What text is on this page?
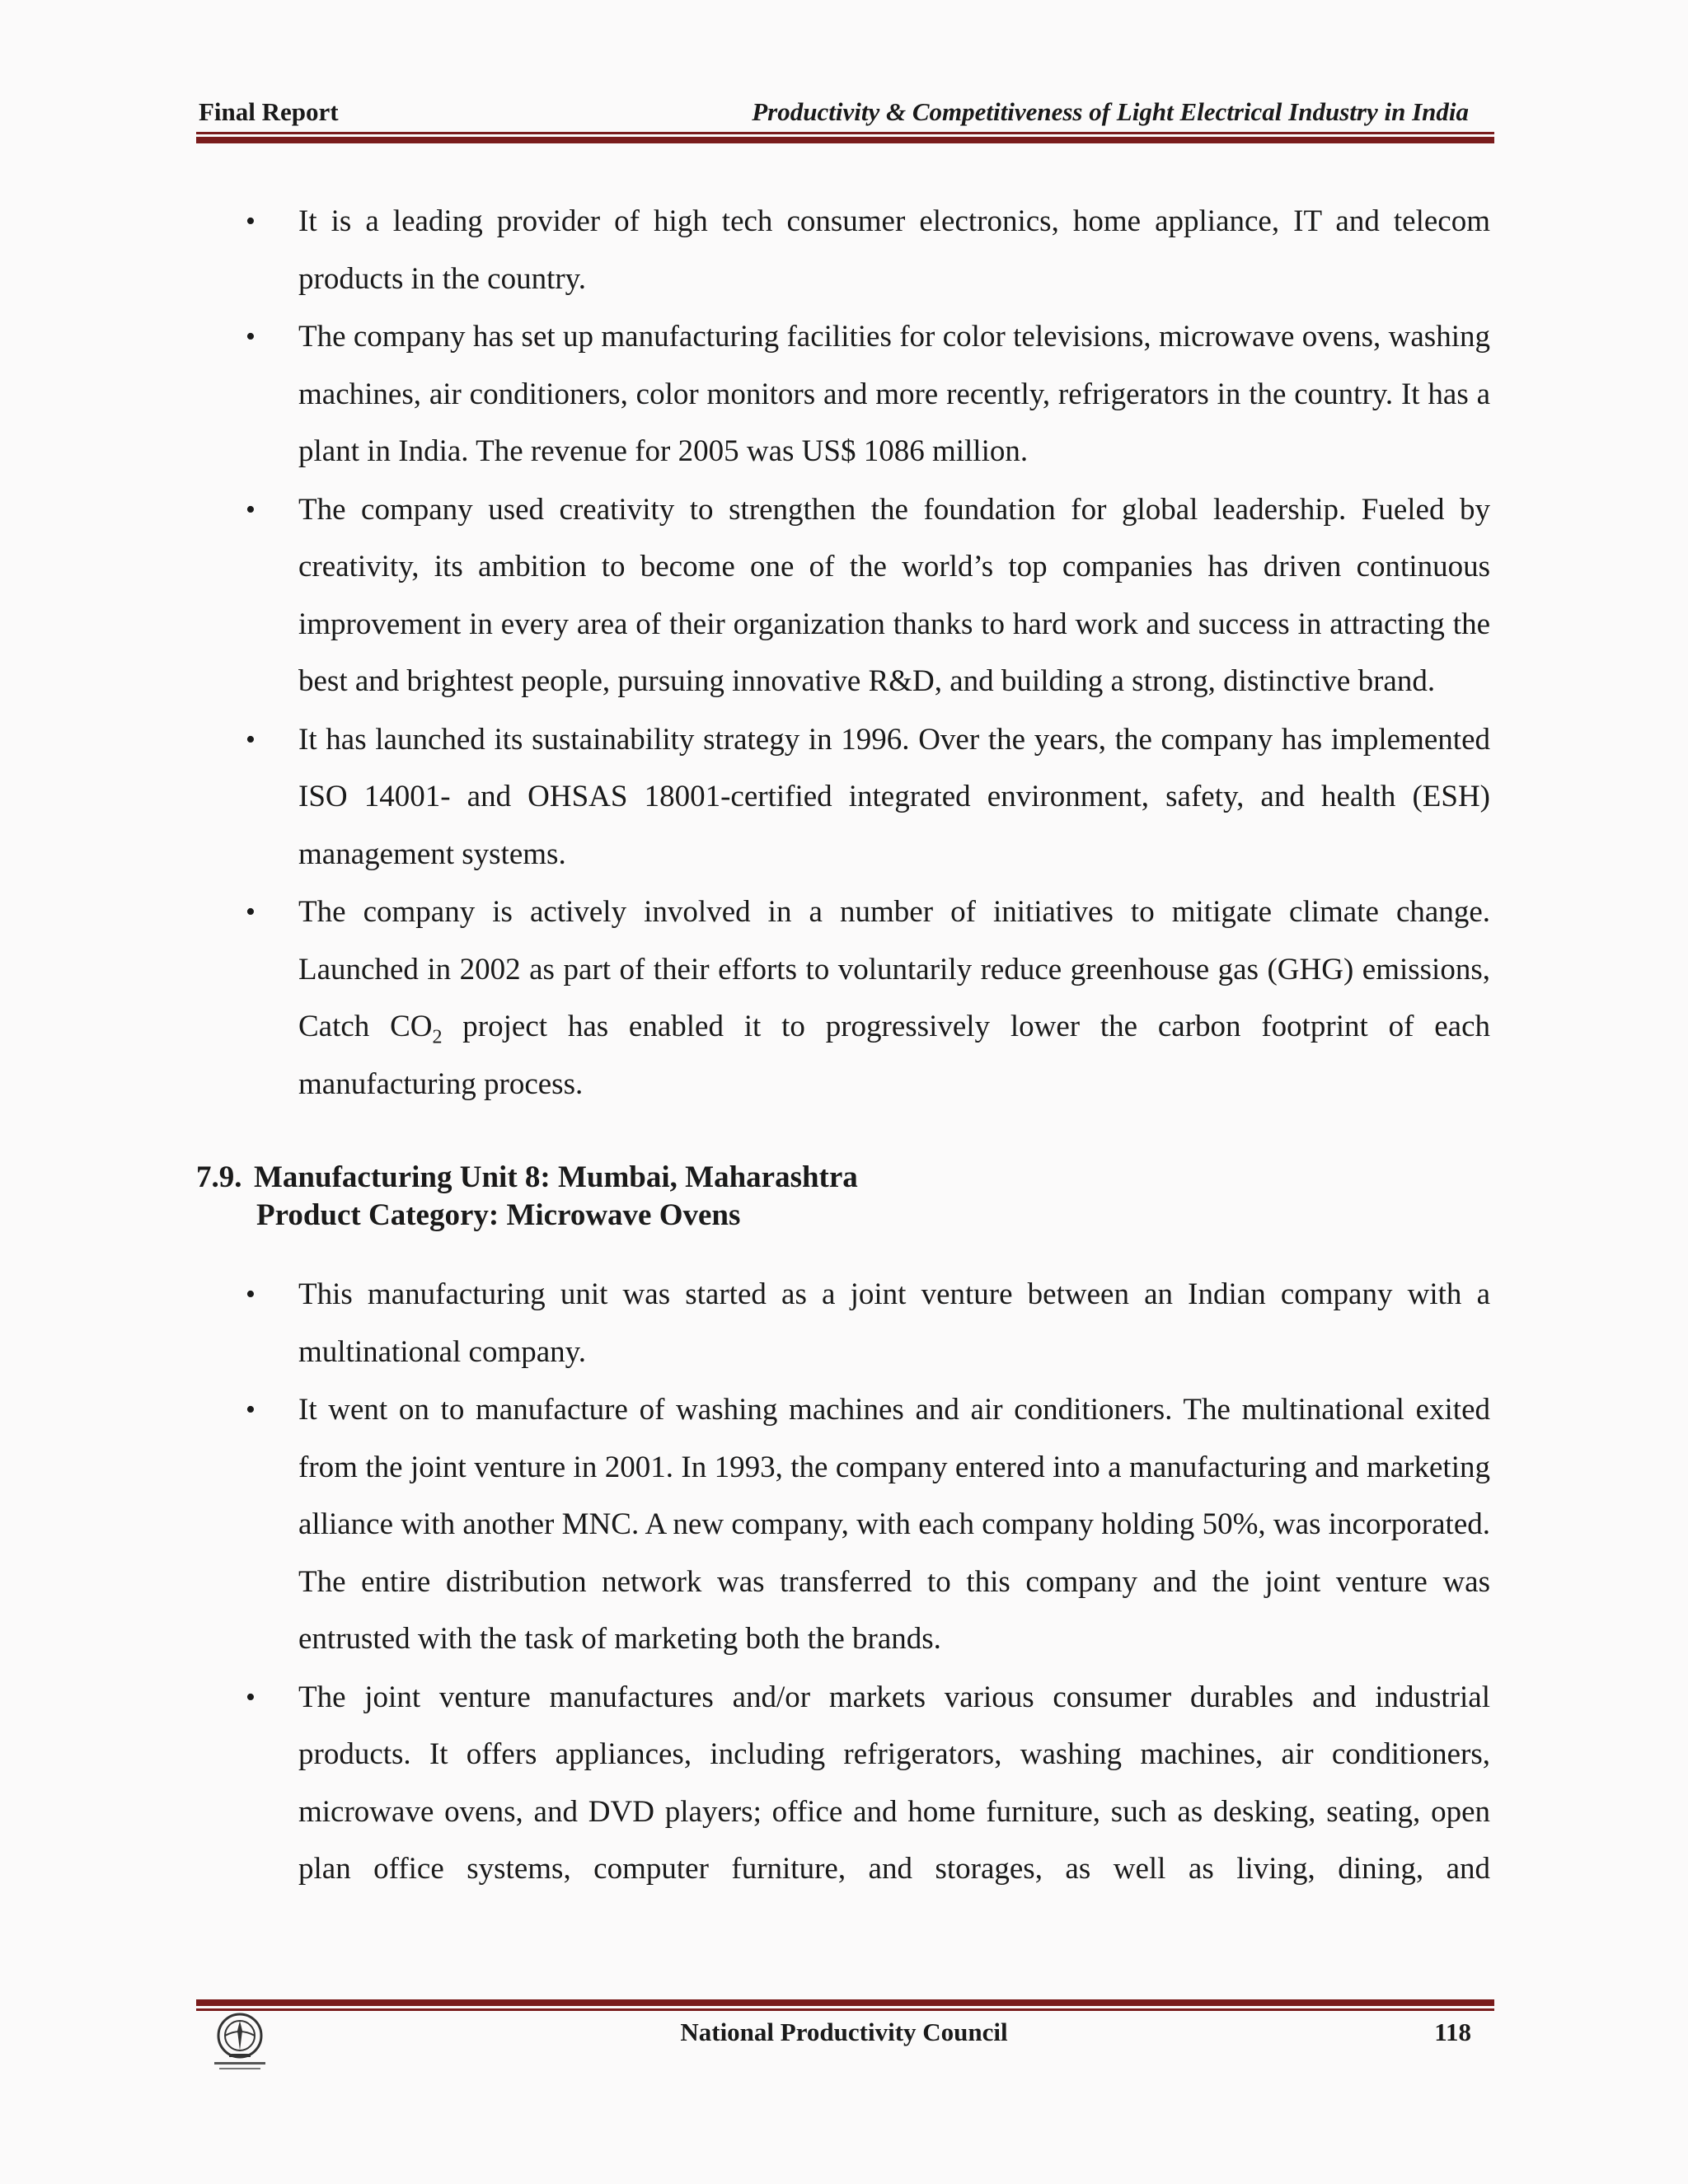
Final Report	Productivity & Competitiveness of Light Electrical Industry in India
• It is a leading provider of high tech consumer electronics, home appliance, IT and telecom products in the country.
• The company has set up manufacturing facilities for color televisions, microwave ovens, washing machines, air conditioners, color monitors and more recently, refrigerators in the country. It has a plant in India. The revenue for 2005 was US$ 1086 million.
• The company used creativity to strengthen the foundation for global leadership. Fueled by creativity, its ambition to become one of the world’s top companies has driven continuous improvement in every area of their organization thanks to hard work and success in attracting the best and brightest people, pursuing innovative R&D, and building a strong, distinctive brand.
• It has launched its sustainability strategy in 1996. Over the years, the company has implemented ISO 14001- and OHSAS 18001-certified integrated environment, safety, and health (ESH) management systems.
• The company is actively involved in a number of initiatives to mitigate climate change. Launched in 2002 as part of their efforts to voluntarily reduce greenhouse gas (GHG) emissions, Catch $CO_2$ project has enabled it to progressively lower the carbon footprint of each manufacturing process.
7.9. Manufacturing Unit 8: Mumbai, Maharashtra
Product Category: Microwave Ovens
• This manufacturing unit was started as a joint venture between an Indian company with a multinational company.
• It went on to manufacture of washing machines and air conditioners. The multinational exited from the joint venture in 2001. In 1993, the company entered into a manufacturing and marketing alliance with another MNC. A new company, with each company holding 50%, was incorporated. The entire distribution network was transferred to this company and the joint venture was entrusted with the task of marketing both the brands.
• The joint venture manufactures and/or markets various consumer durables and industrial products. It offers appliances, including refrigerators, washing machines, air conditioners, microwave ovens, and DVD players; office and home furniture, such as desking, seating, open plan office systems, computer furniture, and storages, as well as living, dining, and
National Productivity Council	118
